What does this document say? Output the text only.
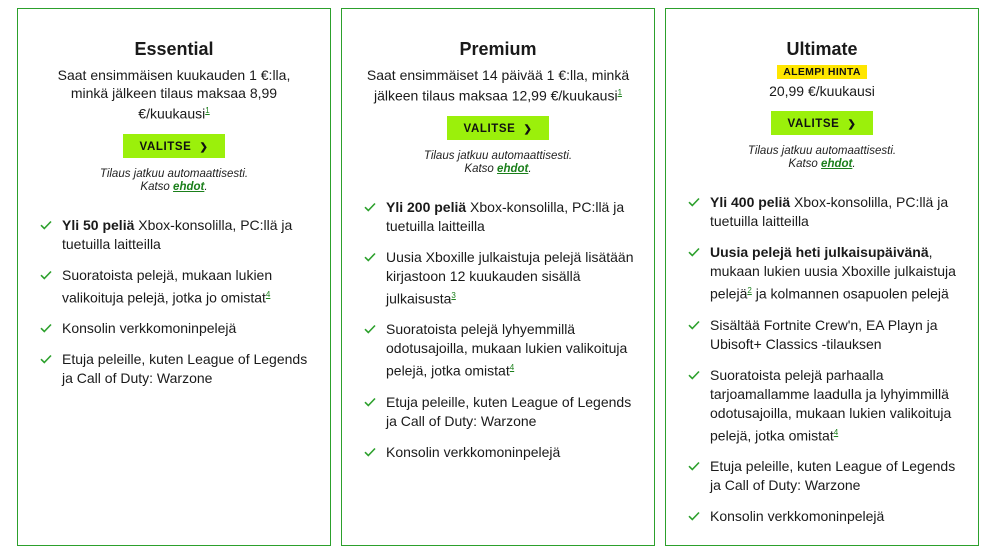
Essential
Saat ensimmäisen kuukauden 1 €:lla, minkä jälkeen tilaus maksaa 8,99 €/kuukausi$^1$
VALITSE ❯
Tilaus jatkuu automaattisesti.
Katso ehdot.
Yli 50 peliä Xbox-konsolilla, PC:llä ja tuetuilla laitteilla
Suoratoista pelejä, mukaan lukien valikoituja pelejä, jotka jo omistat$^4$
Konsolin verkkomoninpelejä
Etuja peleille, kuten League of Legends ja Call of Duty: Warzone
Premium
Saat ensimmäiset 14 päivää 1 €:lla, minkä jälkeen tilaus maksaa 12,99 €/kuukausi$^1$
VALITSE ❯
Tilaus jatkuu automaattisesti.
Katso ehdot.
Yli 200 peliä Xbox-konsolilla, PC:llä ja tuetuilla laitteilla
Uusia Xboxille julkaistuja pelejä lisätään kirjastoon 12 kuukauden sisällä julkaisusta$^3$
Suoratoista pelejä lyhyemmillä odotusajoilla, mukaan lukien valikoituja pelejä, jotka omistat$^4$
Etuja peleille, kuten League of Legends ja Call of Duty: Warzone
Konsolin verkkomoninpelejä
Ultimate
ALEMPI HINTA
20,99 €/kuukausi
VALITSE ❯
Tilaus jatkuu automaattisesti.
Katso ehdot.
Yli 400 peliä Xbox-konsolilla, PC:llä ja tuetuilla laitteilla
Uusia pelejä heti julkaisupäivänä, mukaan lukien uusia Xboxille julkaistuja pelejä$^2$ ja kolmannen osapuolen pelejä
Sisältää Fortnite Crew'n, EA Playn ja Ubisoft+ Classics -tilauksen
Suoratoista pelejä parhaalla tarjoamallamme laadulla ja lyhyimmillä odotusajoilla, mukaan lukien valikoituja pelejä, jotka omistat$^4$
Etuja peleille, kuten League of Legends ja Call of Duty: Warzone
Konsolin verkkomoninpelejä
